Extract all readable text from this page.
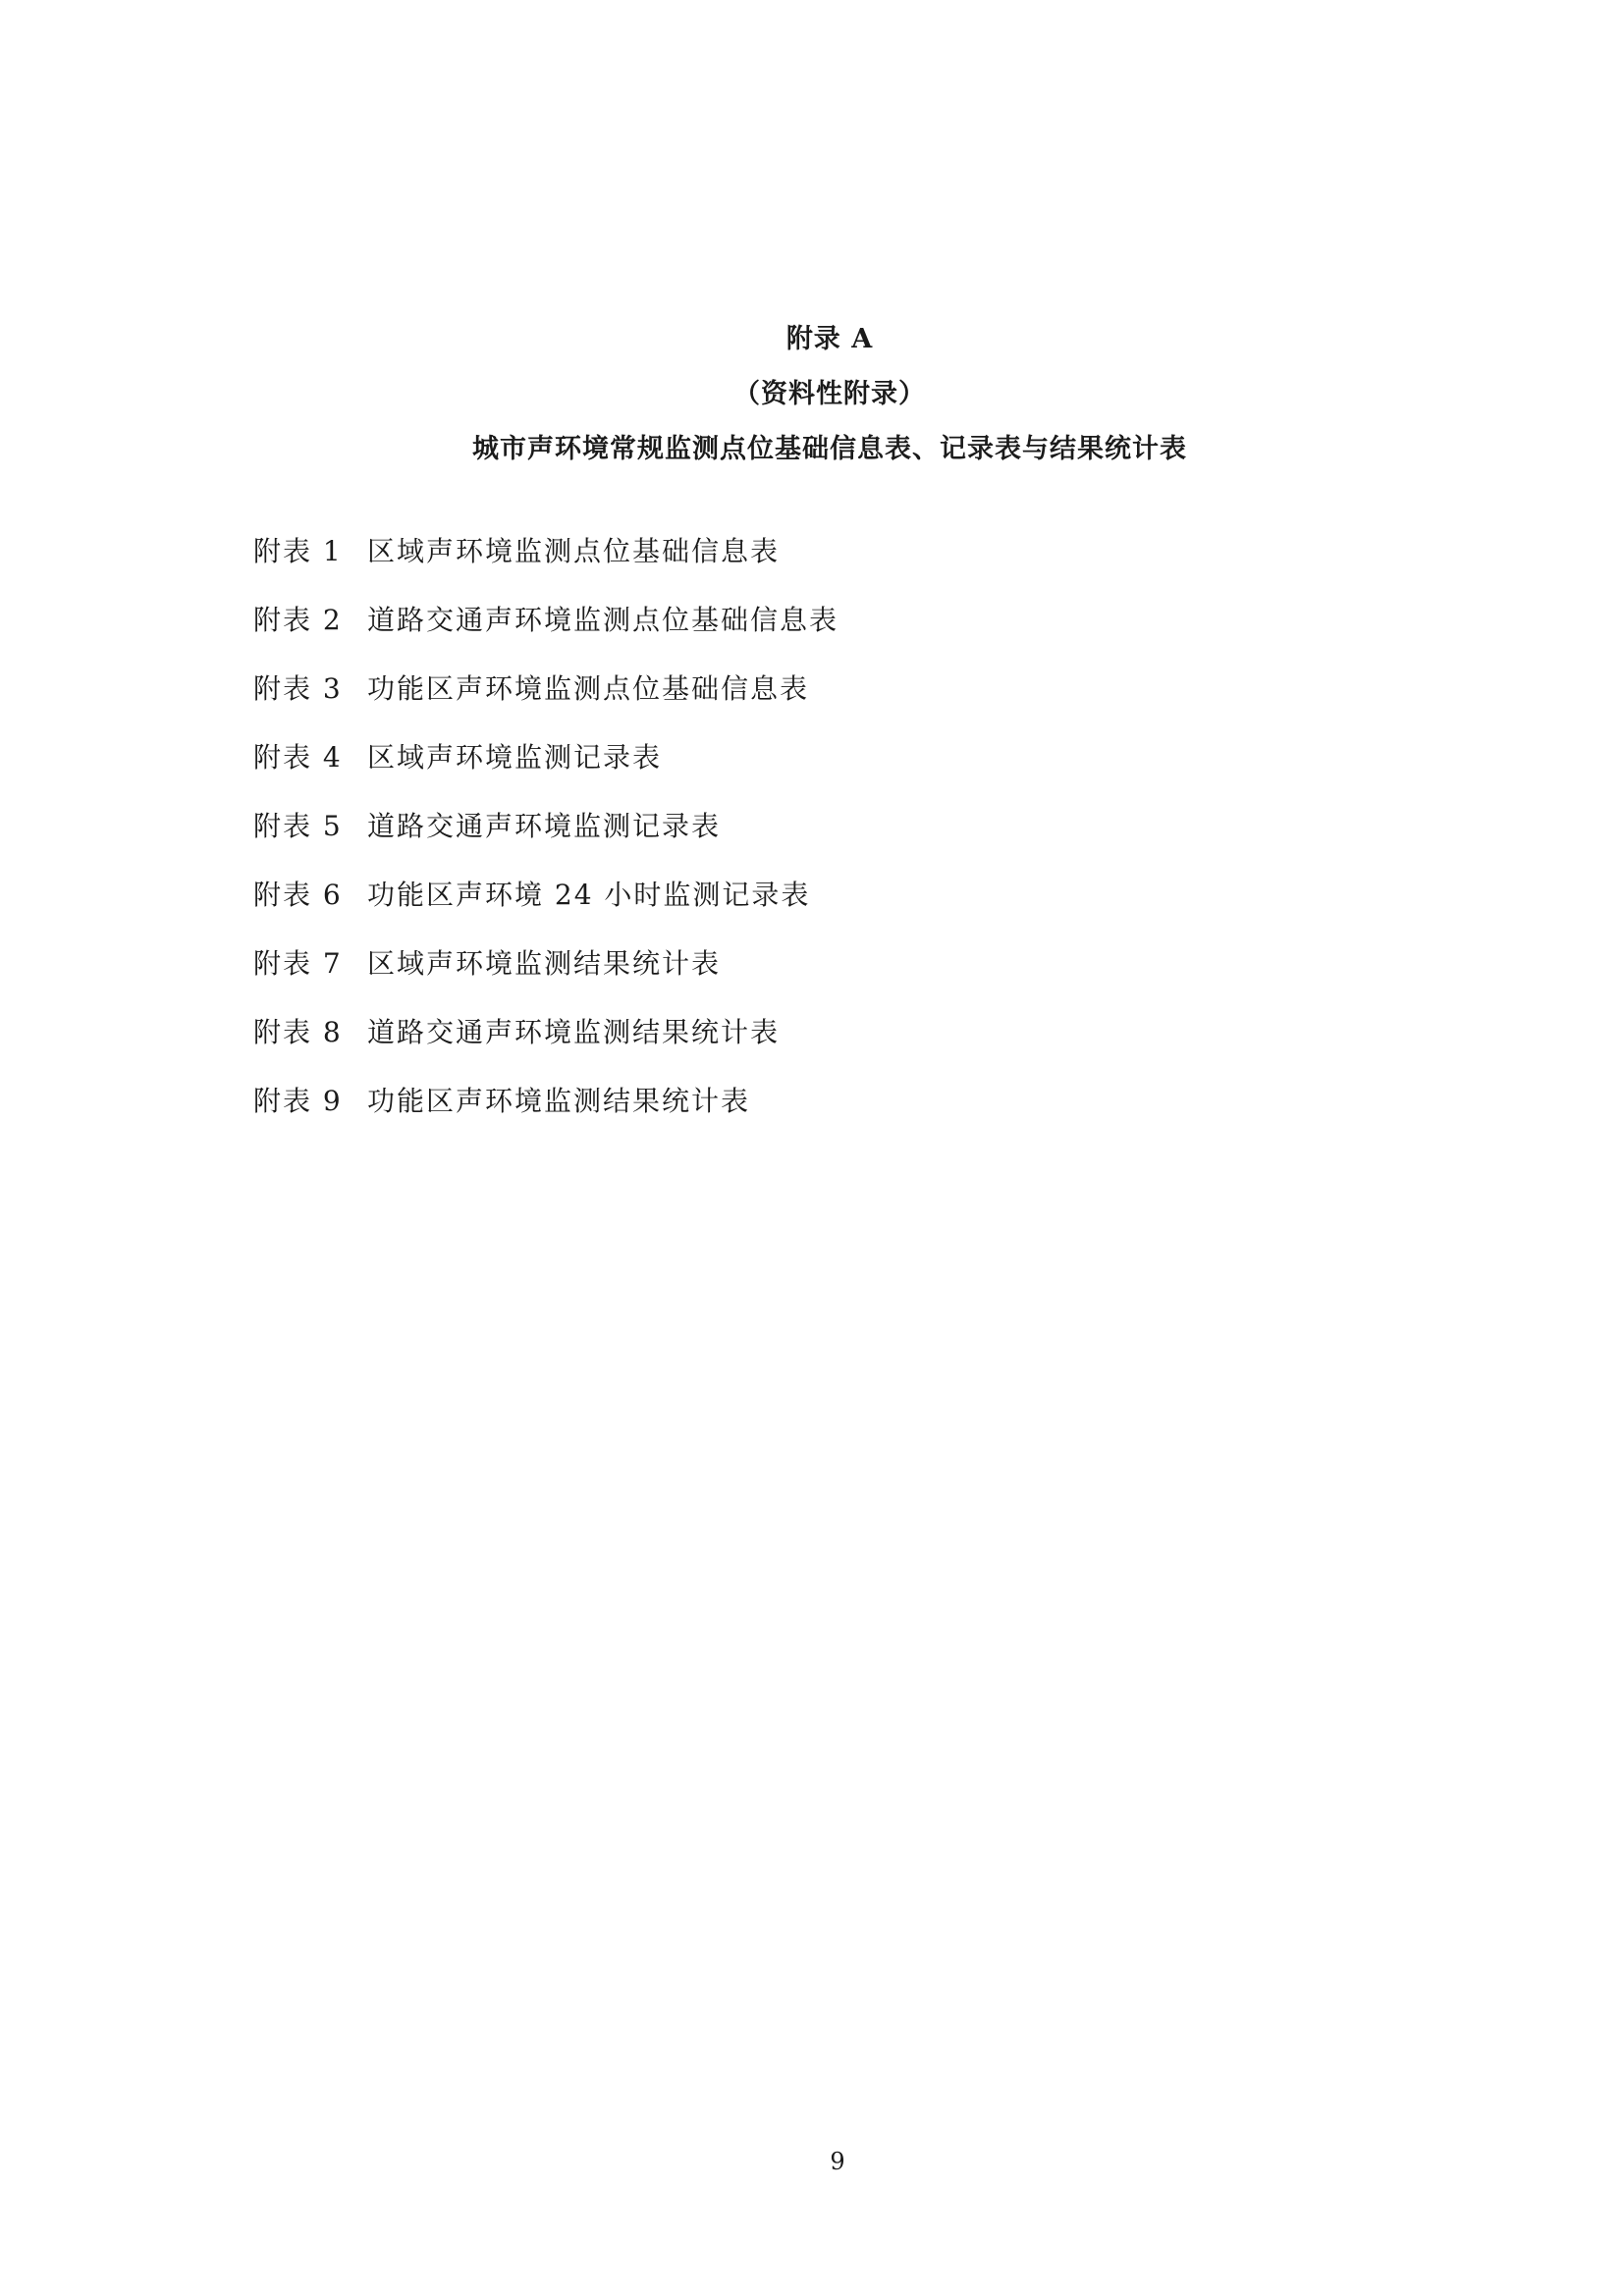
附录 A
（资料性附录）
城市声环境常规监测点位基础信息表、记录表与结果统计表
附表 1 区域声环境监测点位基础信息表
附表 2 道路交通声环境监测点位基础信息表
附表 3 功能区声环境监测点位基础信息表
附表 4 区域声环境监测记录表
附表 5 道路交通声环境监测记录表
附表 6 功能区声环境 24 小时监测记录表
附表 7 区域声环境监测结果统计表
附表 8 道路交通声环境监测结果统计表
附表 9 功能区声环境监测结果统计表
9
